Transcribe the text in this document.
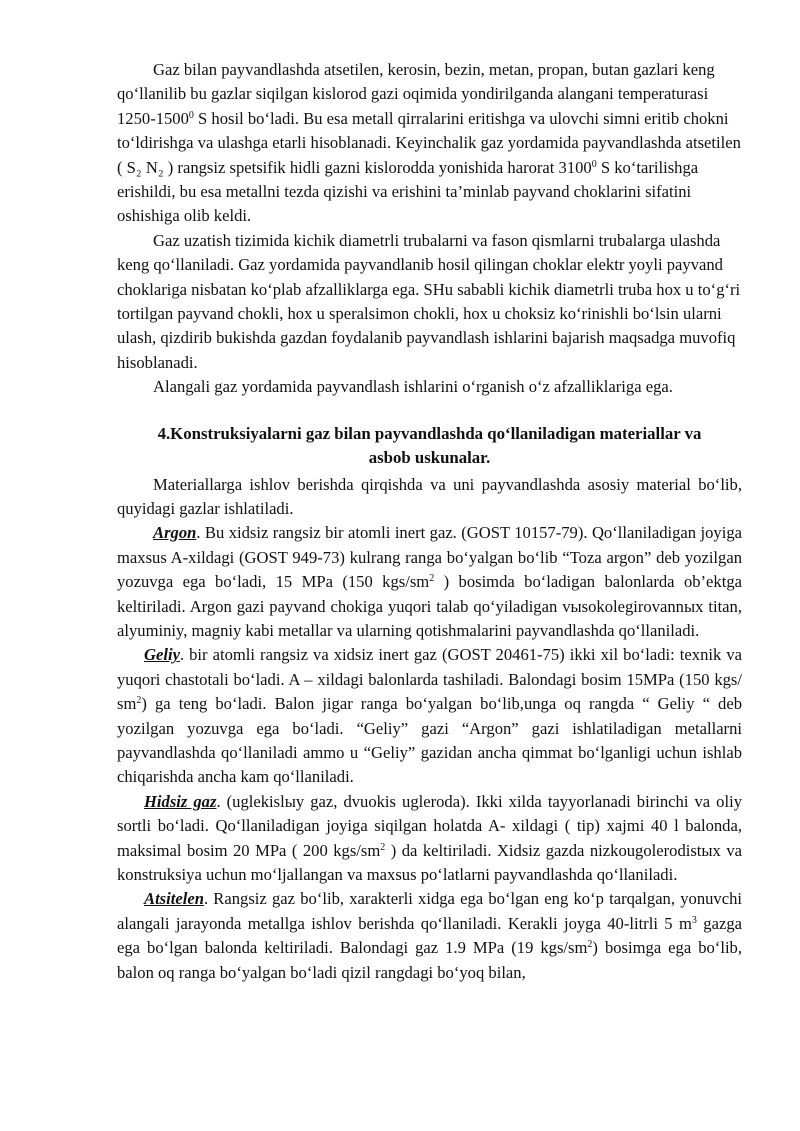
Gaz bilan payvandlashda atsetilen, kerosin, bezin, metan, propan, butan gazlari keng qo‘llanilib bu gazlar siqilgan kislorod gazi oqimida yondirilganda alangani temperaturasi 1250-1500$^0$ S hosil bo‘ladi. Bu esa metall qirralarini eritishga va ulovchi simni eritib chokni to‘ldirishga va ulashga etarli hisoblanadi. Keyinchalik gaz yordamida payvandlashda atsetilen ( S₂ N₂ ) rangsiz spetsifik hidli gazni kislorodda yonishida harorat 3100$^0$ S ko‘tarilishga erishildi, bu esa metallni tezda qizishi va erishini ta’minlab payvand choklarini sifatini oshishiga olib keldi.

Gaz uzatish tizimida kichik diametrli trubalarni va fason qismlarni trubalarga ulashda keng qo‘llaniladi. Gaz yordamida payvandlanib hosil qilingan choklar elektr yoyli payvand choklariga nisbatan ko‘plab afzalliklarga ega. SHu sababli kichik diametrli truba hox u to‘g‘ri tortilgan payvand chokli, hox u speralsimon chokli, hox u choksiz ko‘rinishli bo‘lsin ularni ulash, qizdirib bukishda gazdan foydalanib payvandlash ishlarini bajarish maqsadga muvofiq hisoblanadi.

Alangali gaz yordamida payvandlash ishlarini o‘rganish o‘z afzalliklariga ega.

4.Konstruksiyalarni gaz bilan payvandlashda qo‘llaniladigan materiallar va
asbob uskunalar.

Materiallarga ishlov berishda qirqishda va uni payvandlashda asosiy material bo‘lib, quyidagi gazlar ishlatiladi.

Argon. Bu xidsiz rangsiz bir atomli inert gaz. (GOST 10157-79). Qo‘llaniladigan joyiga maxsus A-xildagi (GOST 949-73) kulrang ranga bo‘yalgan bo‘lib “Toza argon” deb yozilgan yozuvga ega bo‘ladi, 15 MPa (150 kgs/$sm^2$ ) bosimda bo‘ladigan balonlarda ob’ektga keltiriladi. Argon gazi payvand chokiga yuqori talab qo‘yiladigan vыsokolegirovannых titan, alyuminiy, magniy kabi metallar va ularning qotishmalarini payvandlashda qo‘llaniladi.

Geliy. bir atomli rangsiz va xidsiz inert gaz (GOST 20461-75) ikki xil bo‘ladi: texnik va yuqori chastotali bo‘ladi. A – xildagi balonlarda tashiladi. Balondagi bosim 15MPa (150 kgs/ $sm^2$) ga teng bo‘ladi. Balon jigar ranga bo‘yalgan bo‘lib,unga oq rangda “ Geliy “ deb yozilgan yozuvga ega bo‘ladi. “Geliy” gazi “Argon” gazi ishlatiladigan metallarni payvandlashda qo‘llaniladi ammo u “Geliy” gazidan ancha qimmat bo‘lganligi uchun ishlab chiqarishda ancha kam qo‘llaniladi.

Hidsiz gaz. (uglekislыy gaz, dvuokis ugleroda). Ikki xilda tayyorlanadi birinchi va oliy sortli bo‘ladi. Qo‘llaniladigan joyiga siqilgan holatda A- xildagi ( tip) xajmi 40 l balonda, maksimal bosim 20 MPa ( 200 kgs/$sm^2$ ) da keltiriladi. Xidsiz gazda nizkougolerodistых va konstruksiya uchun mo‘ljallangan va maxsus po‘latlarni payvandlashda qo‘llaniladi.

Atsitelen. Rangsiz gaz bo‘lib, xarakterli xidga ega bo‘lgan eng ko‘p tarqalgan, yonuvchi alangali jarayonda metallga ishlov berishda qo‘llaniladi. Kerakli joyga 40-litrli 5 $m^3$ gazga ega bo‘lgan balonda keltiriladi. Balondagi gaz 1.9 MPa (19 kgs/$sm^2$) bosimga ega bo‘lib, balon oq ranga bo‘yalgan bo‘ladi qizil rangdagi bo‘yoq bilan,
